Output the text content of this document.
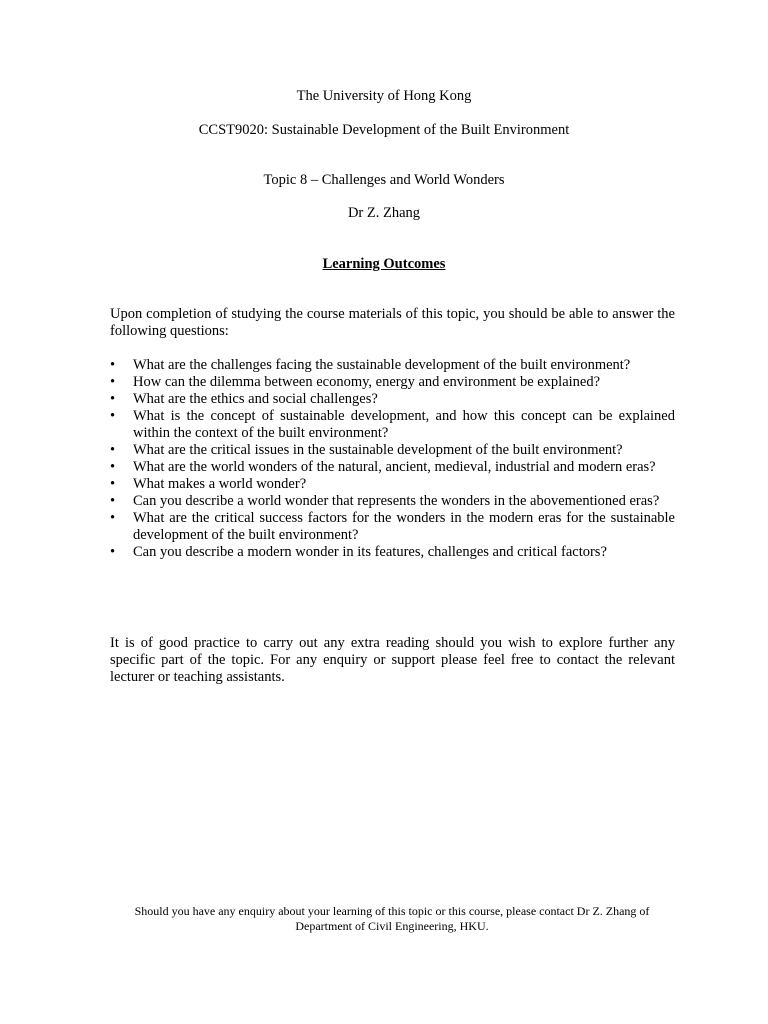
The University of Hong Kong
CCST9020: Sustainable Development of the Built Environment
Topic 8 – Challenges and World Wonders
Dr Z. Zhang
Learning Outcomes
Upon completion of studying the course materials of this topic, you should be able to answer the following questions:
•	What are the challenges facing the sustainable development of the built environment?
•	How can the dilemma between economy, energy and environment be explained?
•	What are the ethics and social challenges?
•	What is the concept of sustainable development, and how this concept can be explained within the context of the built environment?
•	What are the critical issues in the sustainable development of the built environment?
•	What are the world wonders of the natural, ancient, medieval, industrial and modern eras?
•	What makes a world wonder?
•	Can you describe a world wonder that represents the wonders in the abovementioned eras?
•	What are the critical success factors for the wonders in the modern eras for the sustainable development of the built environment?
•	Can you describe a modern wonder in its features, challenges and critical factors?
It is of good practice to carry out any extra reading should you wish to explore further any specific part of the topic. For any enquiry or support please feel free to contact the relevant lecturer or teaching assistants.
Should you have any enquiry about your learning of this topic or this course, please contact Dr Z. Zhang of
Department of Civil Engineering, HKU.
